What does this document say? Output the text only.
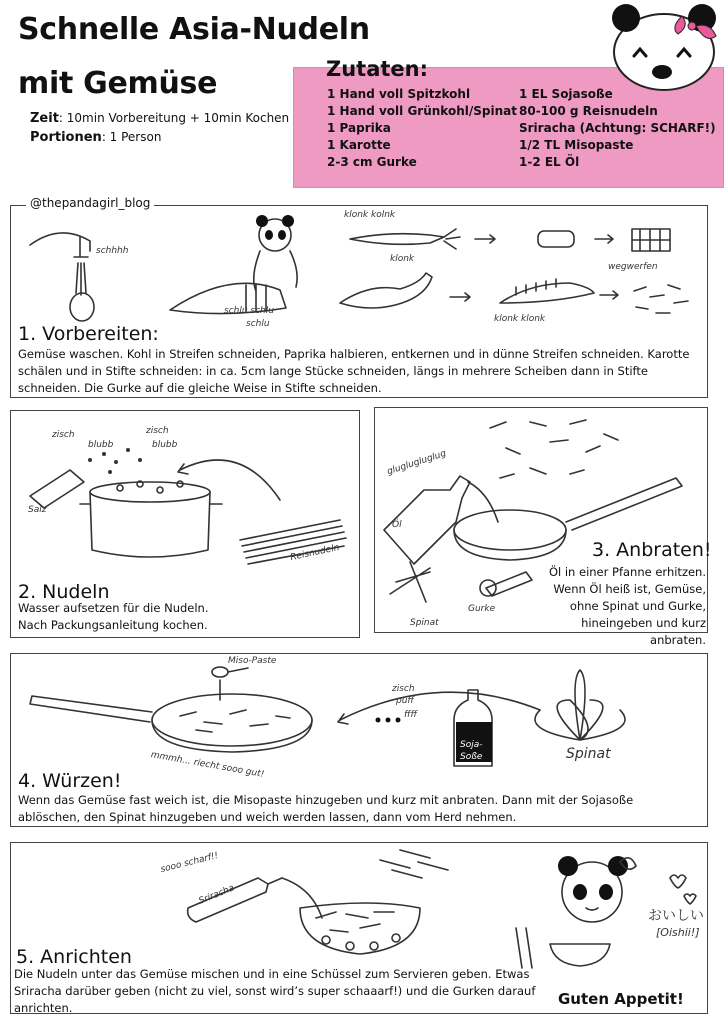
Schnelle Asia-Nudeln
mit Gemüse
Zeit: 10min Vorbereitung + 10min Kochen
Portionen: 1 Person
Zutaten:
1 Hand voll Spitzkohl
1 Hand voll Grünkohl/Spinat
1 Paprika
1 Karotte
2-3 cm Gurke
1 EL Sojasoße
80-100 g Reisnudeln
Sriracha (Achtung: SCHARF!)
1/2 TL Misopaste
1-2 EL Öl
@thepandagirl_blog
schhhh
schlu schlu
schlu
klonk kolnk
klonk
wegwerfen
klonk klonk
1. Vorbereiten:
Gemüse waschen. Kohl in Streifen schneiden, Paprika halbieren, entkernen und in dünne Streifen schneiden. Karotte schälen und in Stifte schneiden: in ca. 5cm lange Stücke schneiden, längs in mehrere Scheiben dann in Stifte schneiden. Die Gurke auf die gleiche Weise in Stifte schneiden.
zisch
blubb
zisch
blubb
Salz
Reisnudeln
2. Nudeln
Wasser aufsetzen für die Nudeln. Nach Packungsanleitung kochen.
gluglugluglug
Öl
Spinat
Gurke
3. Anbraten!
Öl in einer Pfanne erhitzen. Wenn Öl heiß ist, Gemüse, ohne Spinat und Gurke, hineingeben und kurz anbraten.
Miso-Paste
mmmh... riecht sooo gut!
zisch
puff
ffff
Soja-
Soße	Spinat
4. Würzen!
Wenn das Gemüse fast weich ist, die Misopaste hinzugeben und kurz mit anbraten. Dann mit der Sojasoße ablöschen, den Spinat hinzugeben und weich werden lassen, dann vom Herd nehmen.
sooo scharf!!
Sriracha
おいしい
[Oishii!]
5. Anrichten
Die Nudeln unter das Gemüse mischen und in eine Schüssel zum Servieren geben. Etwas Sriracha darüber geben (nicht zu viel, sonst wird’s super schaaarf!) und die Gurken darauf anrichten.	Guten Appetit!
